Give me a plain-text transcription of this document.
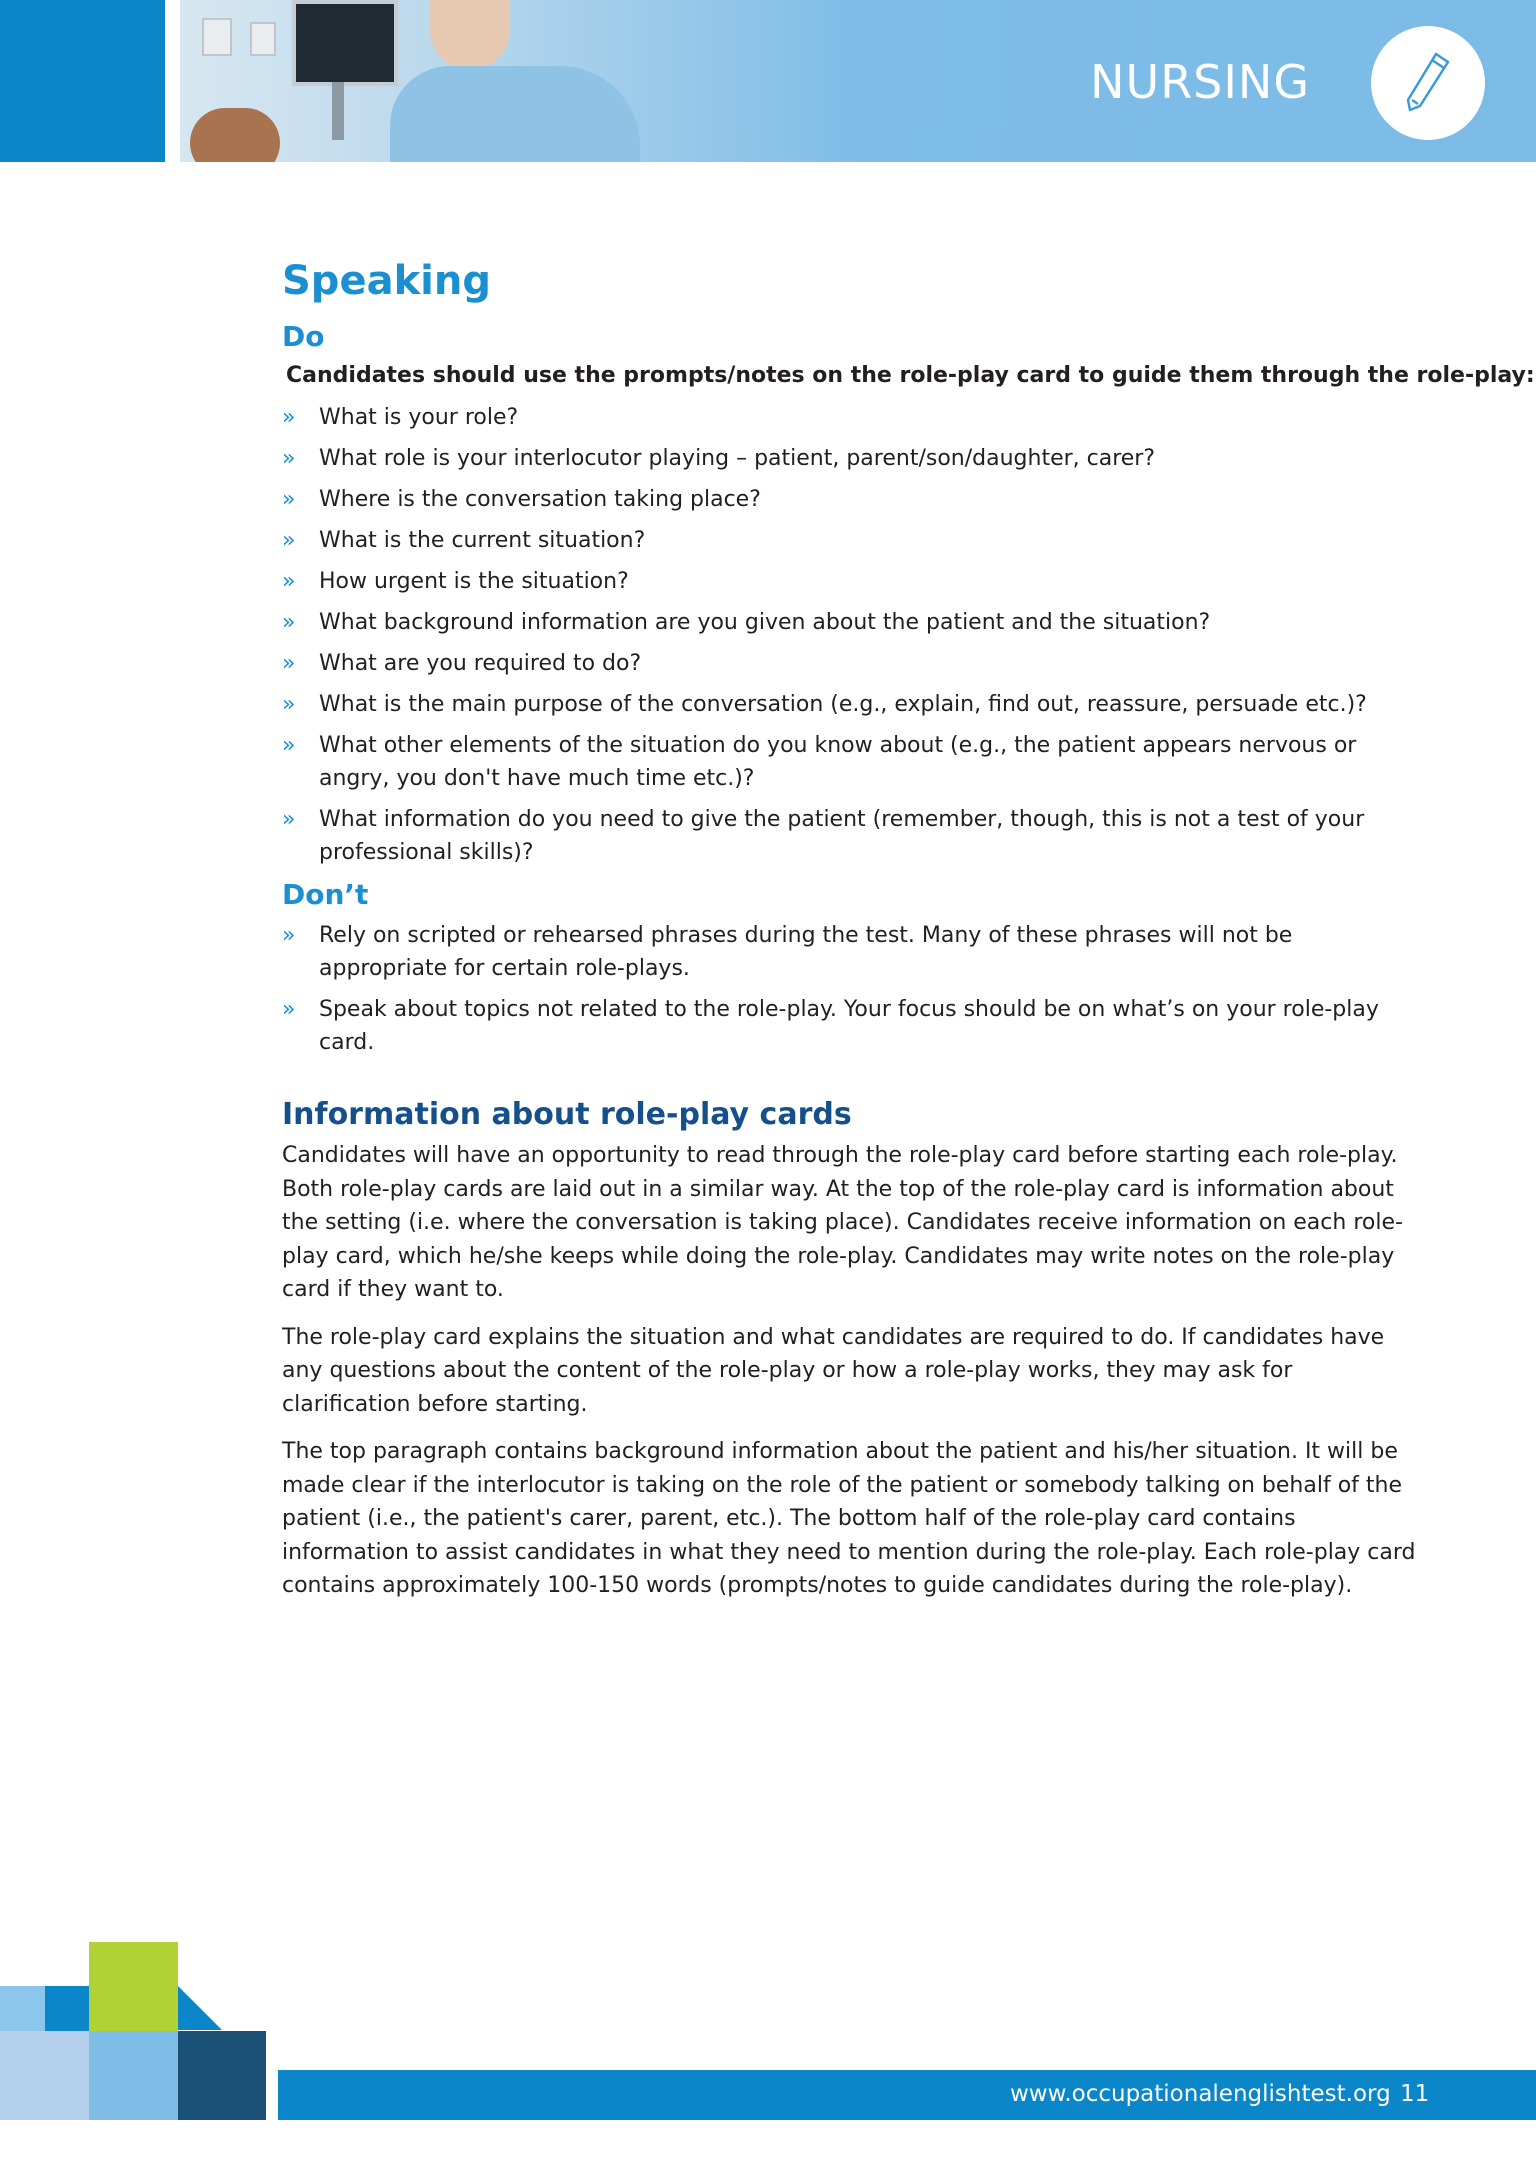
NURSING
Speaking
Do
Candidates should use the prompts/notes on the role-play card to guide them through the role-play:
» What is your role?
» What role is your interlocutor playing – patient, parent/son/daughter, carer?
» Where is the conversation taking place?
» What is the current situation?
» How urgent is the situation?
» What background information are you given about the patient and the situation?
» What are you required to do?
» What is the main purpose of the conversation (e.g., explain, find out, reassure, persuade etc.)?
» What other elements of the situation do you know about (e.g., the patient appears nervous or angry, you don't have much time etc.)?
» What information do you need to give the patient (remember, though, this is not a test of your professional skills)?
Don’t
» Rely on scripted or rehearsed phrases during the test. Many of these phrases will not be appropriate for certain role-plays.
» Speak about topics not related to the role-play. Your focus should be on what’s on your role-play card.
Information about role-play cards

Candidates will have an opportunity to read through the role-play card before starting each role-play. Both role-play cards are laid out in a similar way. At the top of the role-play card is information about the setting (i.e. where the conversation is taking place). Candidates receive information on each role-play card, which he/she keeps while doing the role-play. Candidates may write notes on the role-play card if they want to.

The role-play card explains the situation and what candidates are required to do. If candidates have any questions about the content of the role-play or how a role-play works, they may ask for clarification before starting.

The top paragraph contains background information about the patient and his/her situation. It will be made clear if the interlocutor is taking on the role of the patient or somebody talking on behalf of the patient (i.e., the patient's carer, parent, etc.). The bottom half of the role-play card contains information to assist candidates in what they need to mention during the role-play. Each role-play card contains approximately 100-150 words (prompts/notes to guide candidates during the role-play).

www.occupationalenglishtest.org 11
